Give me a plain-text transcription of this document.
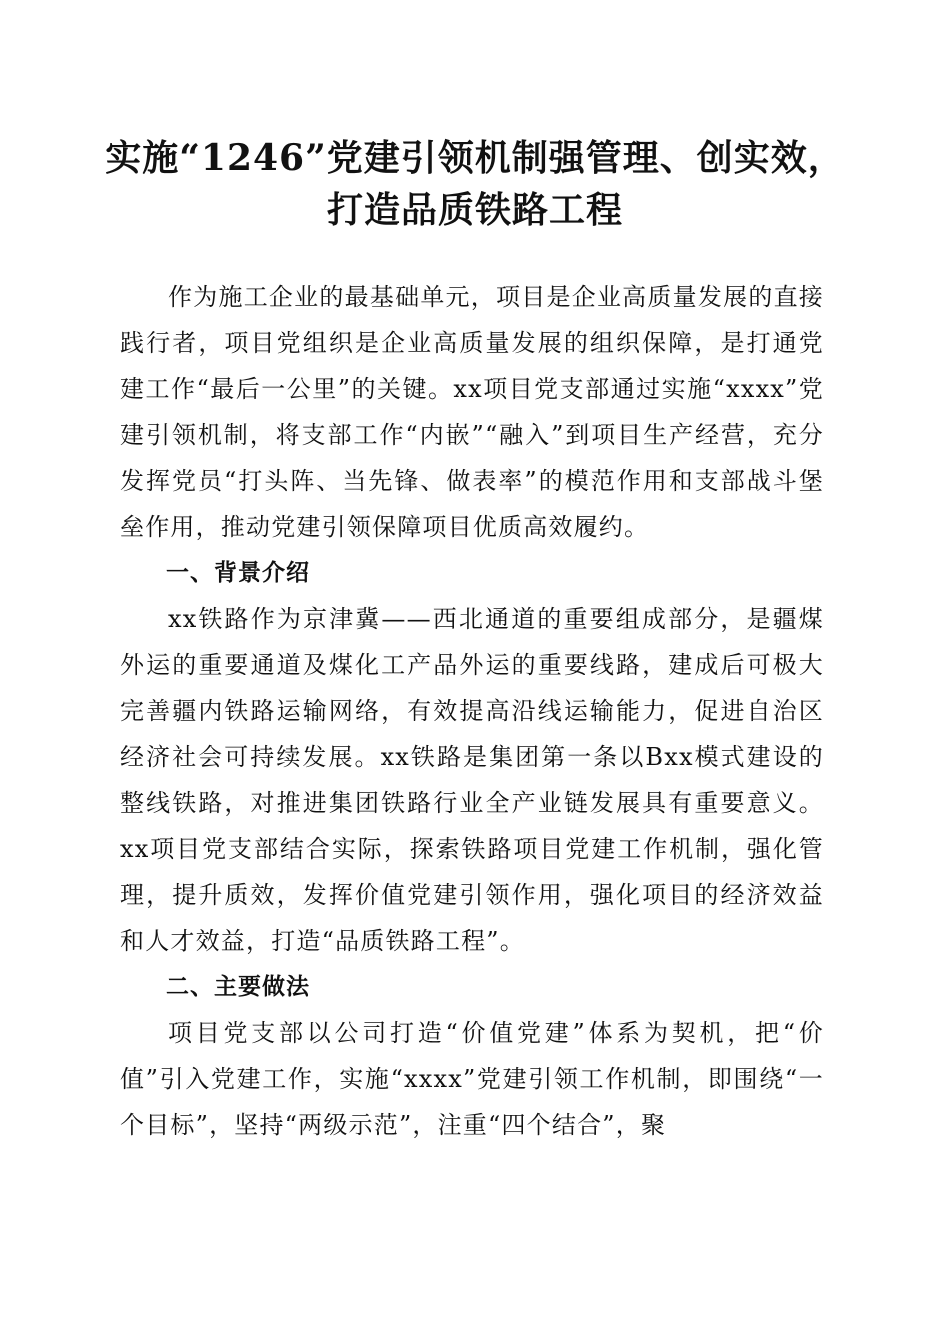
实施“1246”党建引领机制强管理、创实效，
打造品质铁路工程

作为施工企业的最基础单元，项目是企业高质量发展的直接践行者，项目党组织是企业高质量发展的组织保障，是打通党建工作“最后一公里”的关键。xx项目党支部通过实施“xxxx”党建引领机制，将支部工作“内嵌”“融入”到项目生产经营，充分发挥党员“打头阵、当先锋、做表率”的模范作用和支部战斗堡垒作用，推动党建引领保障项目优质高效履约。

一、背景介绍

xx铁路作为京津冀——西北通道的重要组成部分，是疆煤外运的重要通道及煤化工产品外运的重要线路，建成后可极大完善疆内铁路运输网络，有效提高沿线运输能力，促进自治区经济社会可持续发展。xx铁路是集团第一条以Bxx模式建设的整线铁路，对推进集团铁路行业全产业链发展具有重要意义。xx项目党支部结合实际，探索铁路项目党建工作机制，强化管理，提升质效，发挥价值党建引领作用，强化项目的经济效益和人才效益，打造“品质铁路工程”。

二、主要做法

项目党支部以公司打造“价值党建”体系为契机，把“价值”引入党建工作，实施“xxxx”党建引领工作机制，即围绕“一个目标”，坚持“两级示范”，注重“四个结合”，聚
